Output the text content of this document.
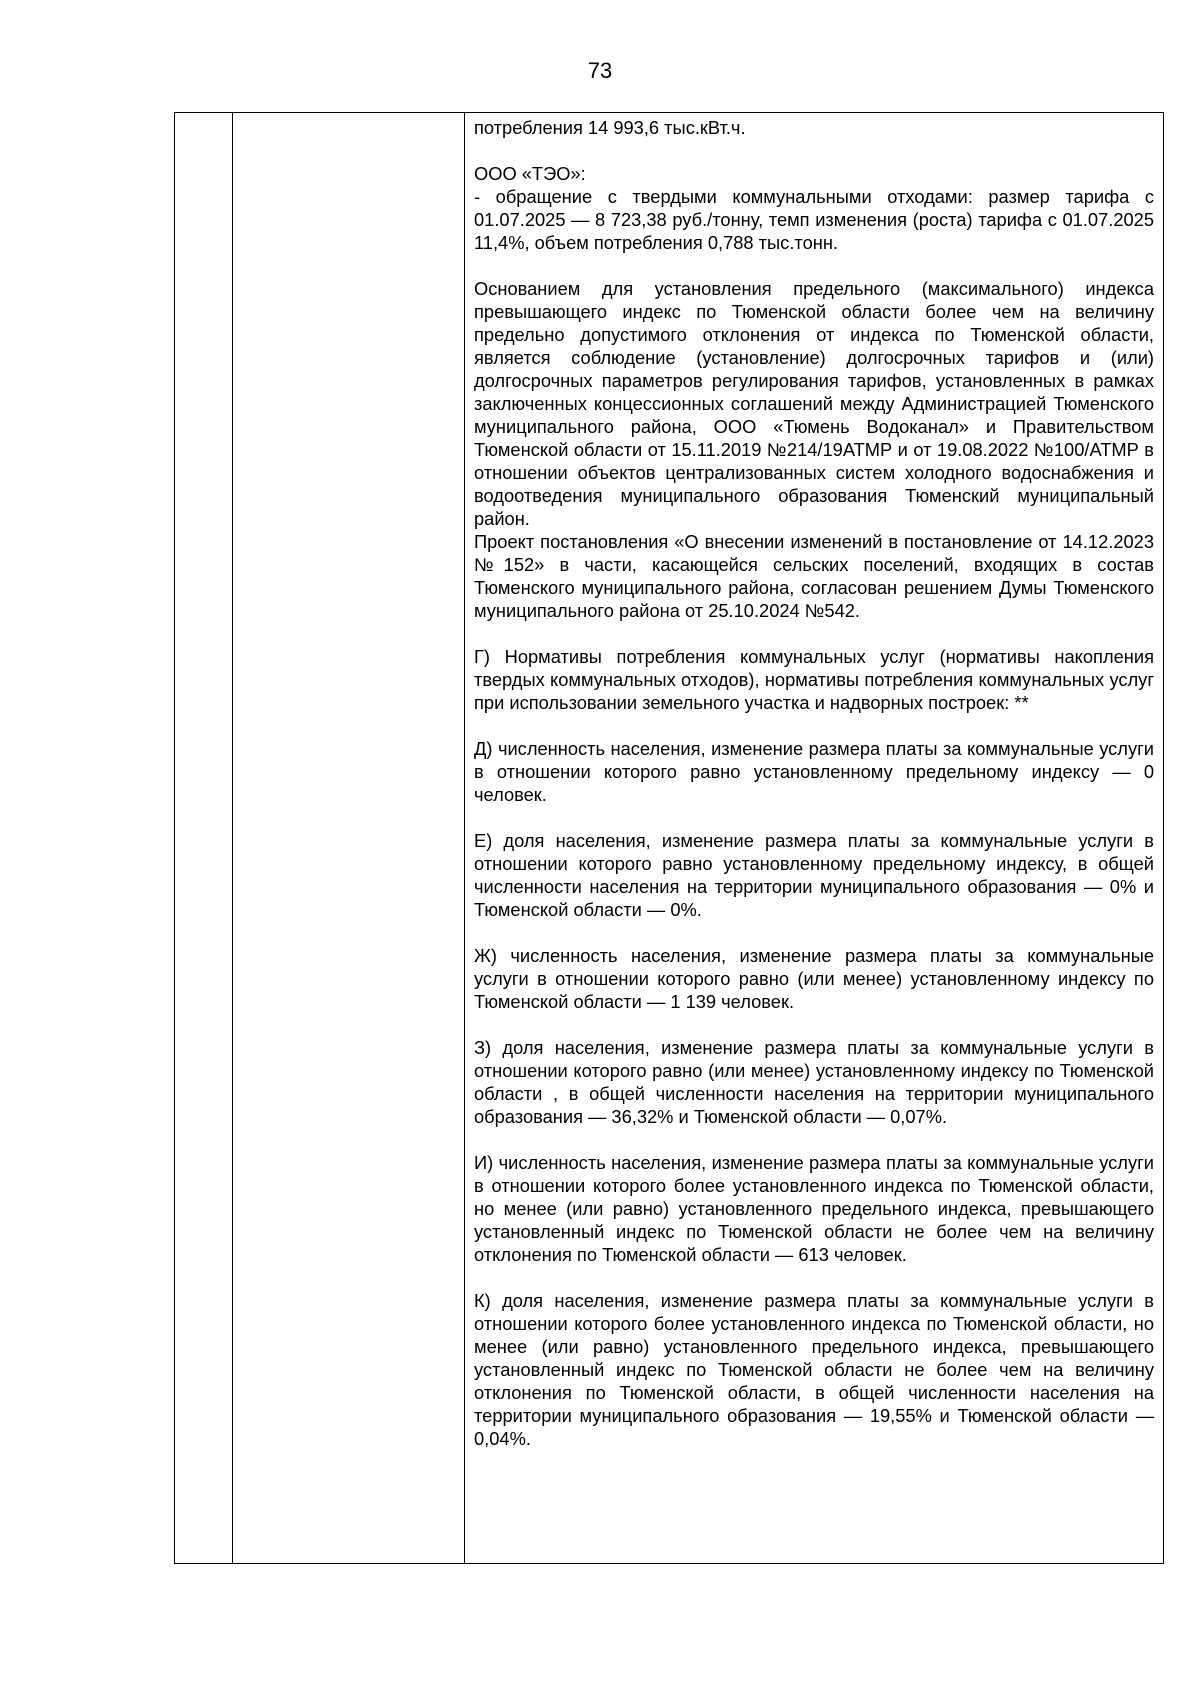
73

потребления 14 993,6 тыс.кВт.ч.

ООО «ТЭО»:
- обращение с твердыми коммунальными отходами: размер тарифа с 01.07.2025 — 8 723,38 руб./тонну, темп изменения (роста) тарифа с 01.07.2025 11,4%, объем потребления 0,788 тыс.тонн.

Основанием для установления предельного (максимального) индекса превышающего индекс по Тюменской области более чем на величину предельно допустимого отклонения от индекса по Тюменской области, является соблюдение (установление) долгосрочных тарифов и (или) долгосрочных параметров регулирования тарифов, установленных в рамках заключенных концессионных соглашений между Администрацией Тюменского муниципального района, ООО «Тюмень Водоканал» и Правительством Тюменской области от 15.11.2019 №214/19АТМР и от 19.08.2022 №100/АТМР в отношении объектов централизованных систем холодного водоснабжения и водоотведения муниципального образования Тюменский муниципальный район.

Проект постановления «О внесении изменений в постановление от 14.12.2023 №152» в части, касающейся сельских поселений, входящих в состав Тюменского муниципального района, согласован решением Думы Тюменского муниципального района от 25.10.2024 №542.

Г) Нормативы потребления коммунальных услуг (нормативы накопления твердых коммунальных отходов), нормативы потребления коммунальных услуг при использовании земельного участка и надворных построек: **

Д) численность населения, изменение размера платы за коммунальные услуги в отношении которого равно установленному предельному индексу — 0 человек.

Е) доля населения, изменение размера платы за коммунальные услуги в отношении которого равно установленному предельному индексу, в общей численности населения на территории муниципального образования — 0% и Тюменской области — 0%.

Ж) численность населения, изменение размера платы за коммунальные услуги в отношении которого равно (или менее) установленному индексу по Тюменской области — 1 139 человек.

З) доля населения, изменение размера платы за коммунальные услуги в отношении которого равно (или менее) установленному индексу по Тюменской области , в общей численности населения на территории муниципального образования — 36,32% и Тюменской области — 0,07%.

И) численность населения, изменение размера платы за коммунальные услуги в отношении которого более установленного индекса по Тюменской области, но менее (или равно) установленного предельного индекса, превышающего установленный индекс по Тюменской области не более чем на величину отклонения по Тюменской области — 613 человек.

К) доля населения, изменение размера платы за коммунальные услуги в отношении которого более установленного индекса по Тюменской области, но менее (или равно) установленного предельного индекса, превышающего установленный индекс по Тюменской области не более чем на величину отклонения по Тюменской области, в общей численности населения на территории муниципального образования — 19,55% и Тюменской области — 0,04%.
